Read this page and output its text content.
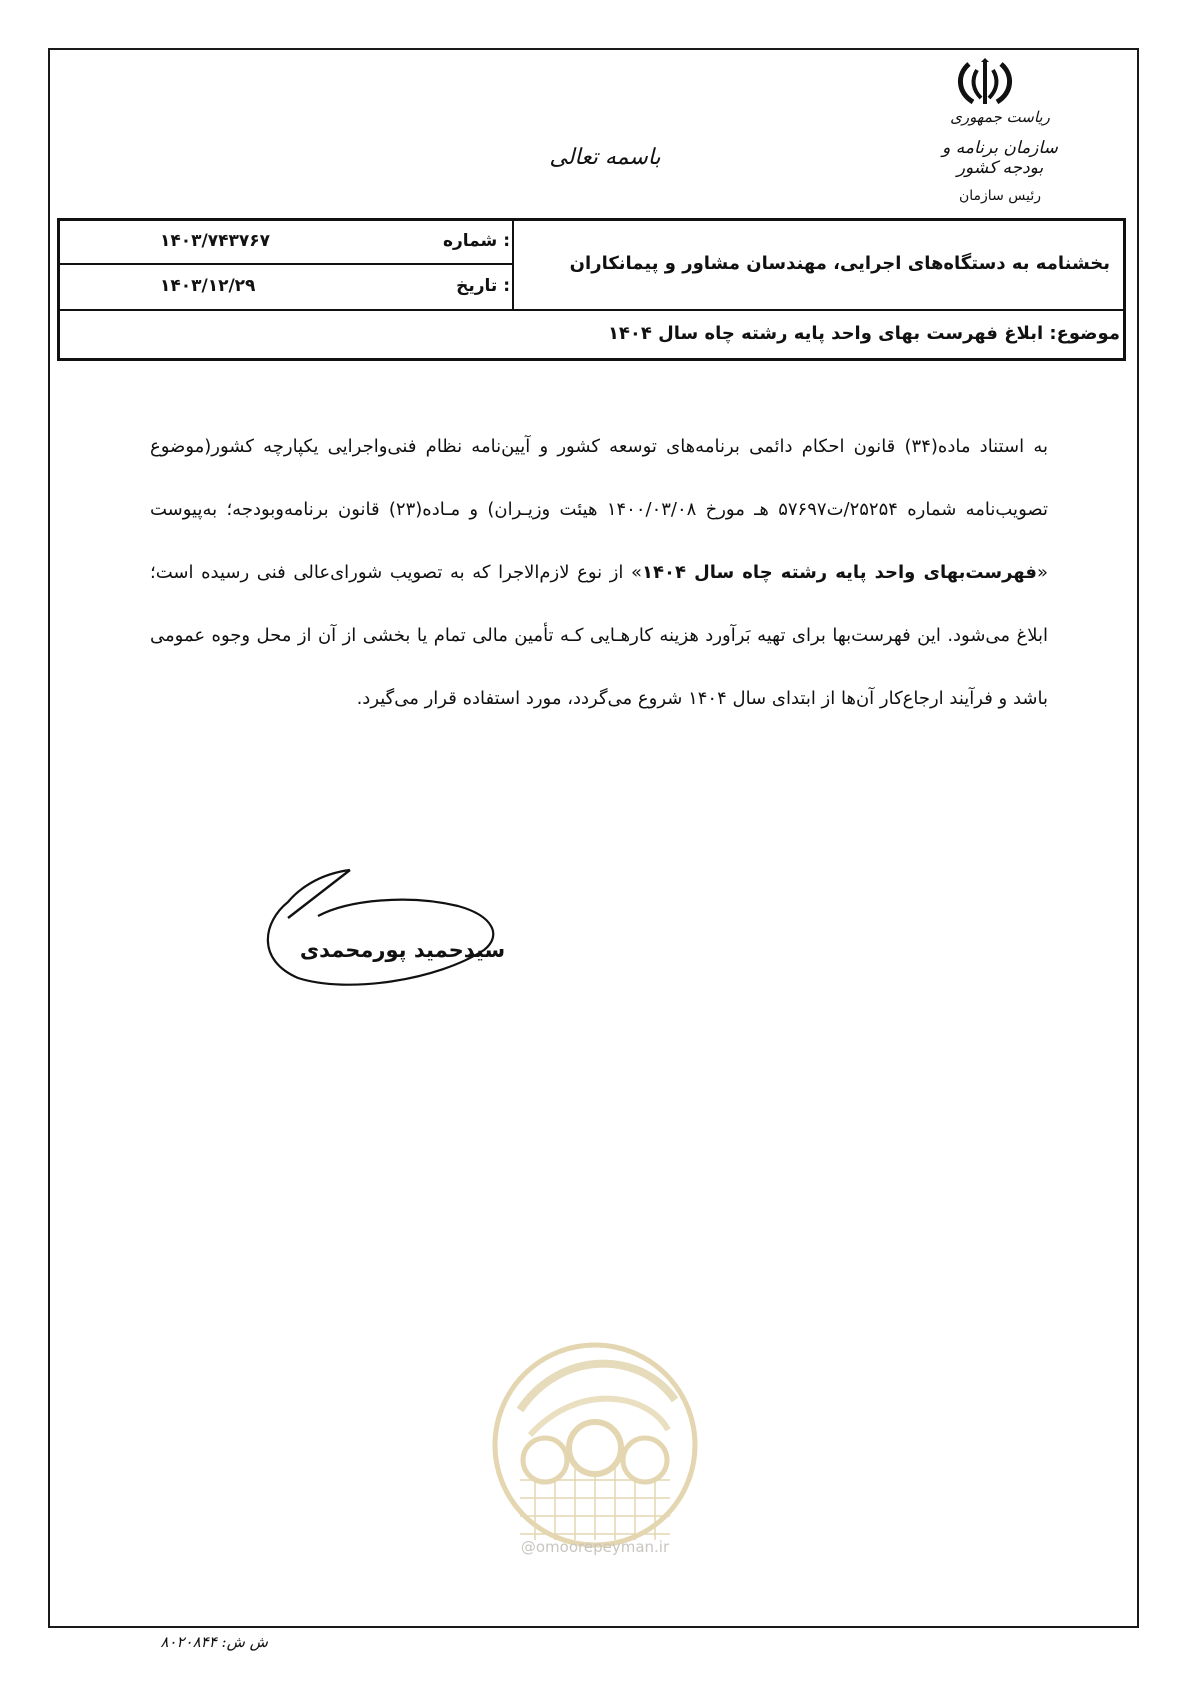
ریاست جمهوری
سازمان برنامه و بودجه کشور
رئیس سازمان
باسمه تعالی
۱۴۰۳/۷۴۳۷۶۷	شماره :
۱۴۰۳/۱۲/۲۹	تاریخ :
بخشنامه به دستگاه‌های اجرایی، مهندسان مشاور و پیمانکاران
موضوع: ابلاغ فهرست بهای واحد پایه رشته چاه سال ۱۴۰۴
به استناد ماده(۳۴) قانون احکام دائمی برنامه‌های توسعه کشور و آیین‌نامه نظام فنی‌واجرایی یکپارچه کشور(موضوع تصویب‌نامه شماره ۲۵۲۵۴/ت۵۷۶۹۷ هـ مورخ ۱۴۰۰/۰۳/۰۸ هیئت وزیـران) و مـاده(۲۳) قانون برنامه‌وبودجه؛ به‌پیوست «فهرست‌بهای واحد پایه رشته چاه سال ۱۴۰۴» از نوع لازم‌الاجرا که به تصویب شورای‌عالی فنی رسیده است؛ ابلاغ می‌شود. این فهرست‌بها برای تهیه بَرآورد هزینه کارهـایی کـه تأمین مالی تمام یا بخشی از آن از محل وجوه عمومی باشد و فرآیند ارجاع‌کار آن‌ها از ابتدای سال ۱۴۰۴ شروع می‌گردد، مورد استفاده قرار می‌گیرد.
سیدحمید پورمحمدی
@omoorepeyman.ir
ش ش: ۸۰۲۰۸۴۴
